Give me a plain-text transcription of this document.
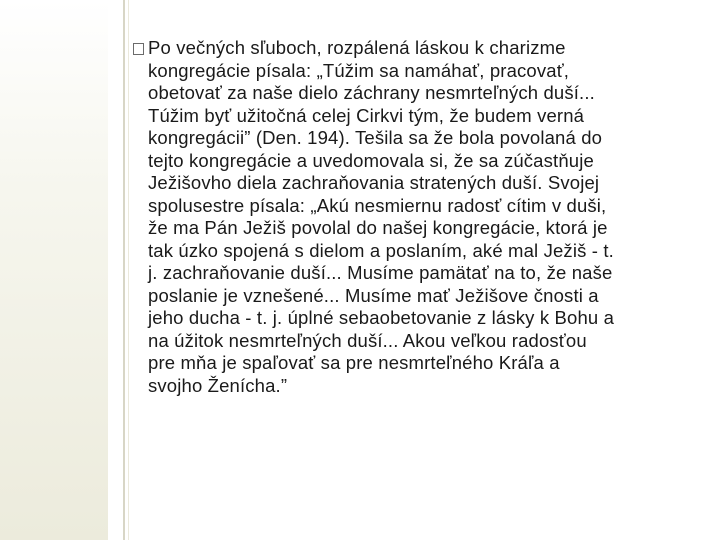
Po večných sľuboch, rozpálená láskou k charizme
kongregácie písala: „Túžim sa namáhať, pracovať,
obetovať za naše dielo záchrany nesmrteľných duší...
Túžim byť užitočná celej Cirkvi tým, že budem verná
kongregácii” (Den. 194). Tešila sa že bola povolaná do
tejto kongregácie a uvedomovala si, že sa zúčastňuje
Ježišovho diela zachraňovania stratených duší. Svojej
spolusestre písala: „Akú nesmiernu radosť cítim v duši,
že ma Pán Ježiš povolal do našej kongregácie, ktorá je
tak úzko spojená s dielom a poslaním, aké mal Ježiš - t.
j. zachraňovanie duší... Musíme pamätať na to, že naše
poslanie je vznešené... Musíme mať Ježišove čnosti a
jeho ducha - t. j. úplné sebaobetovanie z lásky k Bohu a
na úžitok nesmrteľných duší... Akou veľkou radosťou
pre mňa je spaľovať sa pre nesmrteľného Kráľa a
svojho Ženícha.”
